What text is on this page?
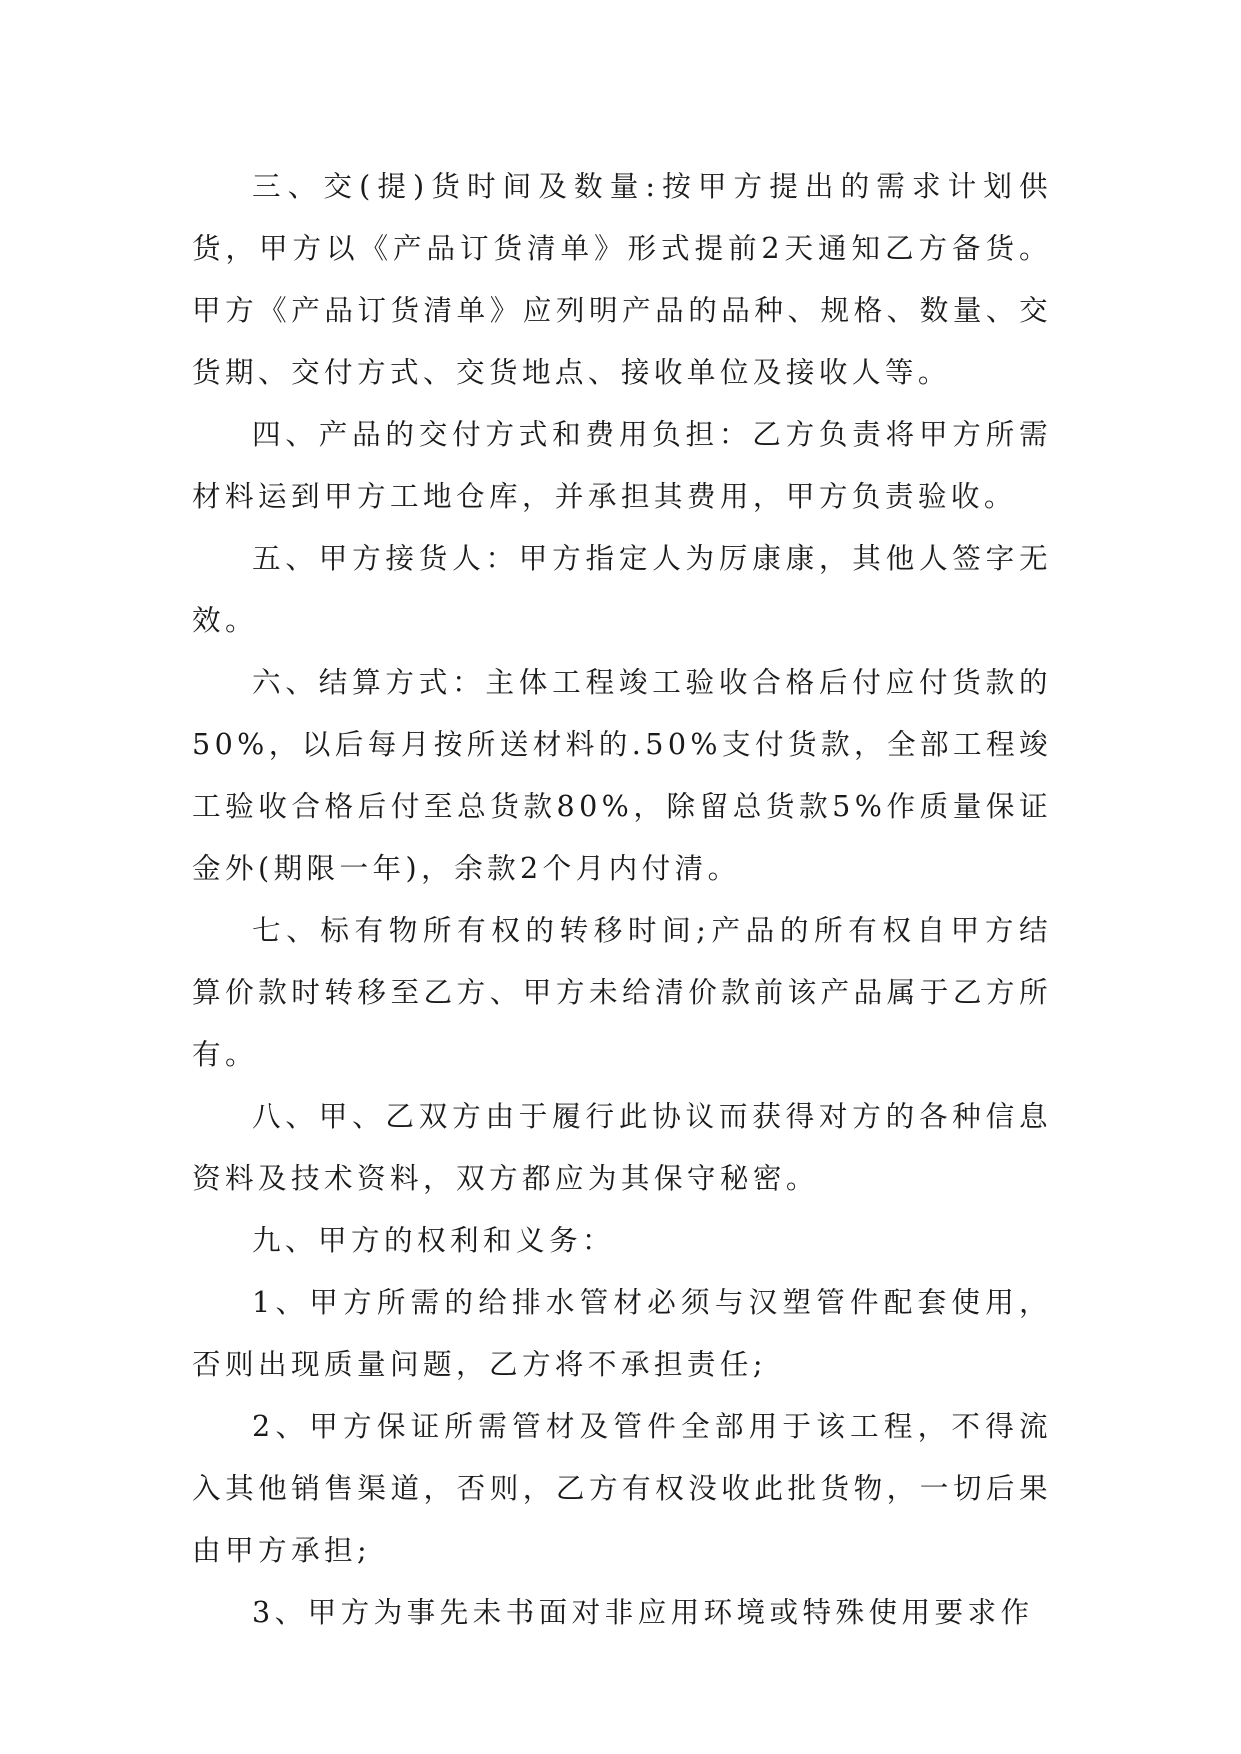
三、交(提)货时间及数量:按甲方提出的需求计划供货，甲方以《产品订货清单》形式提前2天通知乙方备货。甲方《产品订货清单》应列明产品的品种、规格、数量、交货期、交付方式、交货地点、接收单位及接收人等。

四、产品的交付方式和费用负担：乙方负责将甲方所需材料运到甲方工地仓库，并承担其费用，甲方负责验收。

五、甲方接货人：甲方指定人为厉康康，其他人签字无效。

六、结算方式：主体工程竣工验收合格后付应付货款的50%，以后每月按所送材料的.50%支付货款，全部工程竣工验收合格后付至总货款80%，除留总货款5%作质量保证金外(期限一年)，余款2个月内付清。

七、标有物所有权的转移时间;产品的所有权自甲方结算价款时转移至乙方、甲方未给清价款前该产品属于乙方所有。

八、甲、乙双方由于履行此协议而获得对方的各种信息资料及技术资料，双方都应为其保守秘密。

九、甲方的权利和义务：

1、甲方所需的给排水管材必须与汉塑管件配套使用，否则出现质量问题，乙方将不承担责任;

2、甲方保证所需管材及管件全部用于该工程，不得流入其他销售渠道，否则，乙方有权没收此批货物，一切后果由甲方承担;

3、甲方为事先未书面对非应用环境或特殊使用要求作
